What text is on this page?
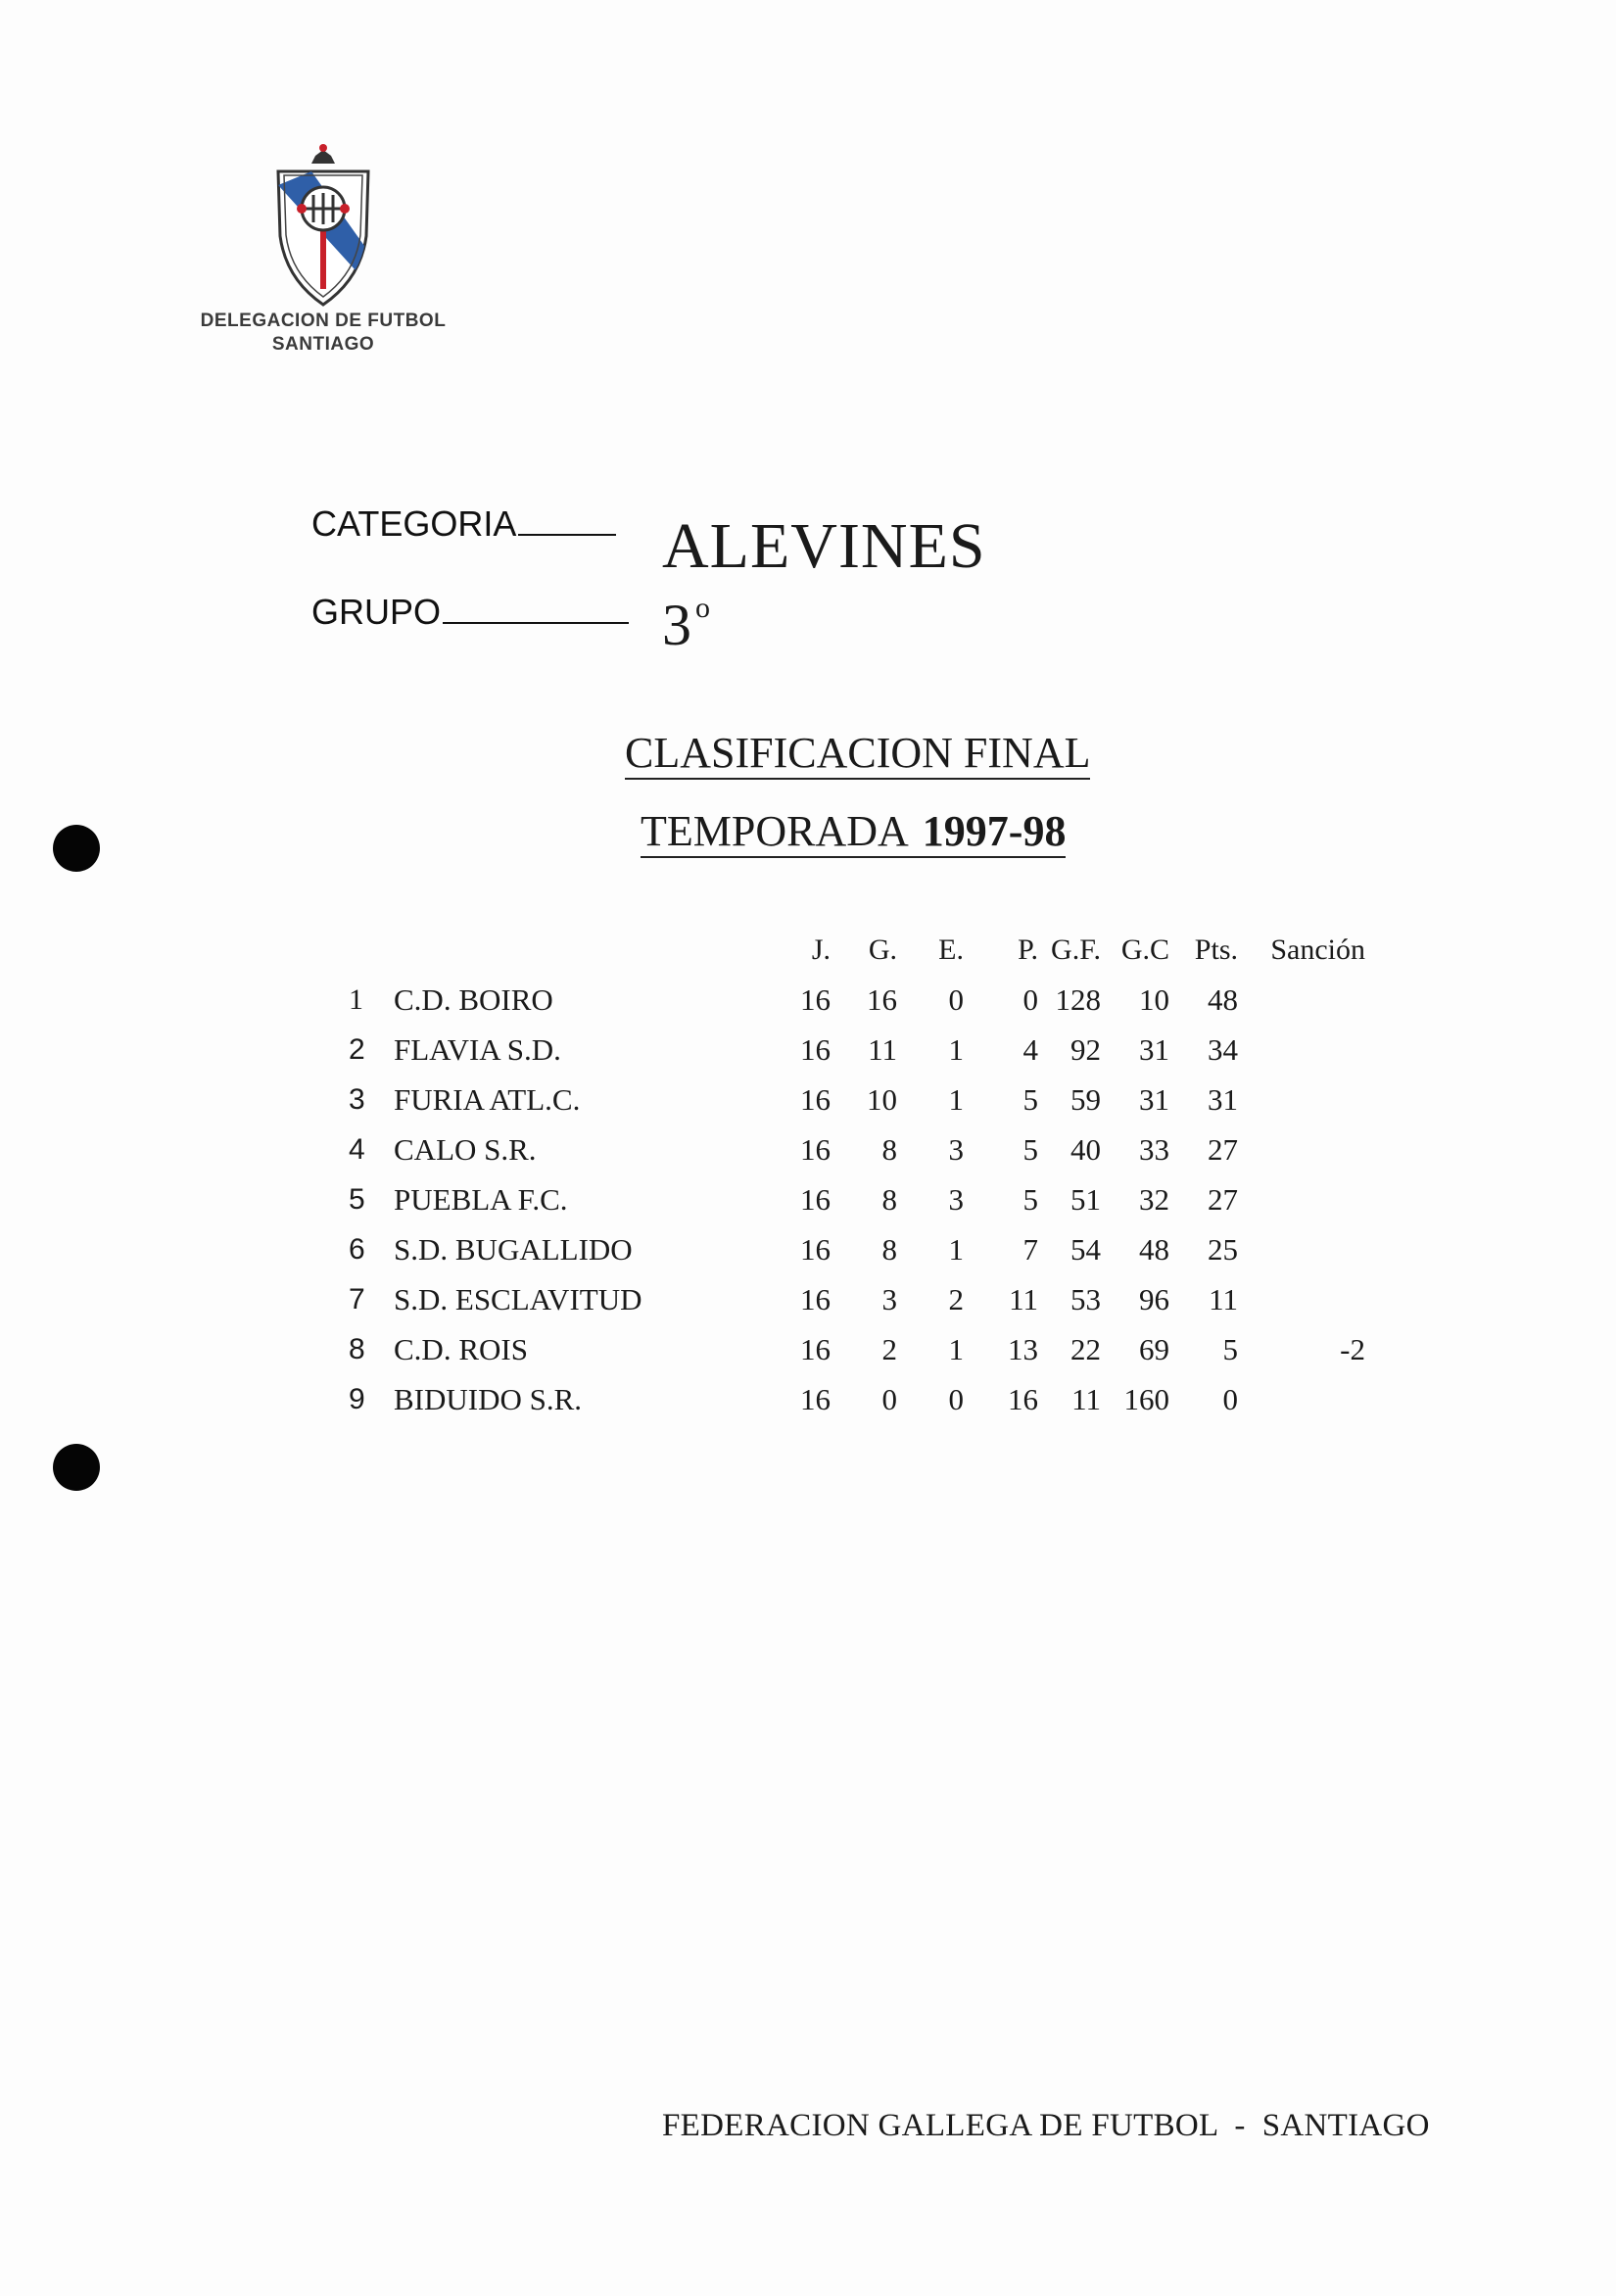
DELEGACION DE FUTBOL
SANTIAGO
CATEGORIA	ALEVINES
GRUPO	3 $^o$
CLASIFICACION FINAL
TEMPORADA 1997-98
		J.	G.	E.	P.	G.F.	G.C	Pts.	Sanción
1	C.D. BOIRO	16	16	0	0	128	10	48	
2	FLAVIA S.D.	16	11	1	4	92	31	34	
3	FURIA ATL.C.	16	10	1	5	59	31	31	
4	CALO S.R.	16	8	3	5	40	33	27	
5	PUEBLA F.C.	16	8	3	5	51	32	27	
6	S.D. BUGALLIDO	16	8	1	7	54	48	25	
7	S.D. ESCLAVITUD	16	3	2	11	53	96	11	
8	C.D. ROIS	16	2	1	13	22	69	5	-2
9	BIDUIDO S.R.	16	0	0	16	11	160	0	
FEDERACION GALLEGA DE FUTBOL  -  SANTIAGO
